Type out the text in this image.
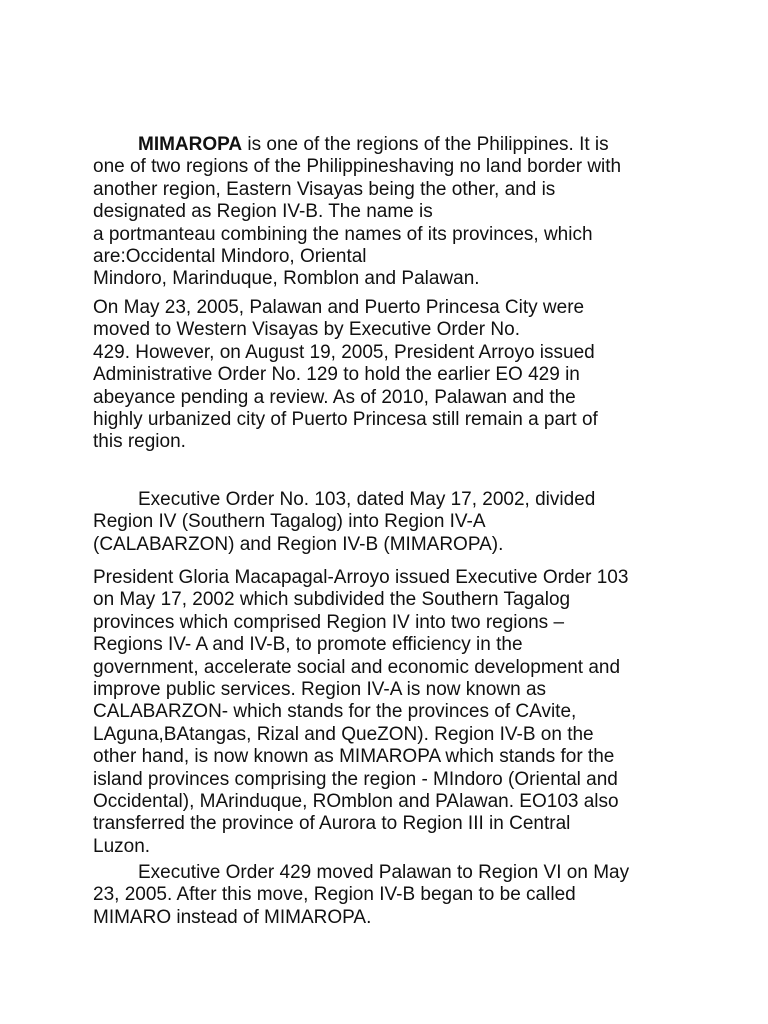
MIMAROPA is one of the regions of the Philippines. It is
one of two regions of the Philippineshaving no land border with
another region, Eastern Visayas being the other, and is
designated as Region IV-B. The name is
a portmanteau combining the names of its provinces, which
are:Occidental Mindoro, Oriental
Mindoro, Marinduque, Romblon and Palawan.
On May 23, 2005, Palawan and Puerto Princesa City were
moved to Western Visayas by Executive Order No.
429. However, on August 19, 2005, President Arroyo issued
Administrative Order No. 129 to hold the earlier EO 429 in
abeyance pending a review. As of 2010, Palawan and the
highly urbanized city of Puerto Princesa still remain a part of
this region.
Executive Order No. 103, dated May 17, 2002, divided
Region IV (Southern Tagalog) into Region IV-A
(CALABARZON) and Region IV-B (MIMAROPA).
President Gloria Macapagal-Arroyo issued Executive Order 103
on May 17, 2002 which subdivided the Southern Tagalog
provinces which comprised Region IV into two regions –
Regions IV- A and IV-B, to promote efficiency in the
government, accelerate social and economic development and
improve public services. Region IV-A is now known as
CALABARZON- which stands for the provinces of CAvite,
LAguna,BAtangas, Rizal and QueZON). Region IV-B on the
other hand, is now known as MIMAROPA which stands for the
island provinces comprising the region - MIndoro (Oriental and
Occidental), MArinduque, ROmblon and PAlawan. EO103 also
transferred the province of Aurora to Region III in Central
Luzon.
Executive Order 429 moved Palawan to Region VI on May
23, 2005. After this move, Region IV-B began to be called
MIMARO instead of MIMAROPA.
